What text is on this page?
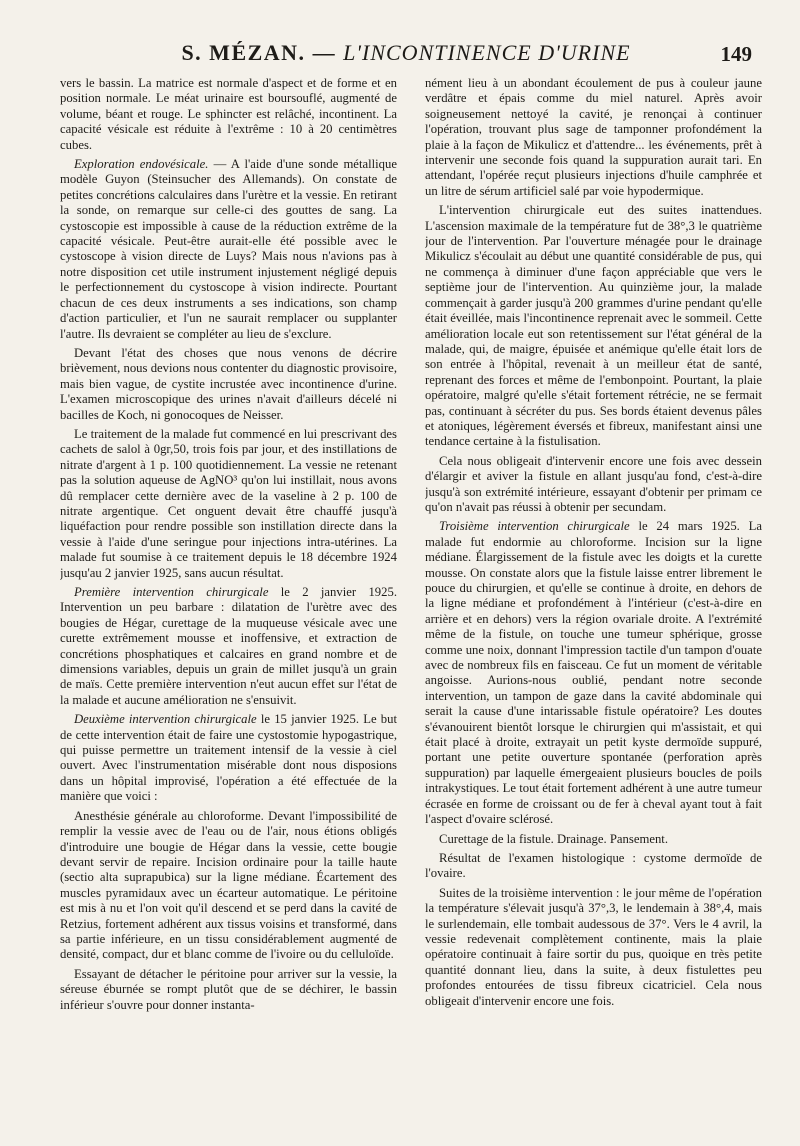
S. MÉZAN. — L'INCONTINENCE D'URINE	149

vers le bassin. La matrice est normale d'aspect et de forme et en position normale. Le méat urinaire est boursouflé, augmenté de volume, béant et rouge. Le sphincter est relâché, incontinent. La capacité vésicale est réduite à l'extrême : 10 à 20 centimètres cubes.

Exploration endovésicale. — A l'aide d'une sonde métallique modèle Guyon (Steinsucher des Allemands). On constate de petites concrétions calculaires dans l'urètre et la vessie. En retirant la sonde, on remarque sur celle-ci des gouttes de sang. La cystoscopie est impossible à cause de la réduction extrême de la capacité vésicale. Peut-être aurait-elle été possible avec le cystoscope à vision directe de Luys? Mais nous n'avions pas à notre disposition cet utile instrument injustement négligé depuis le perfectionnement du cystoscope à vision indirecte. Pourtant chacun de ces deux instruments a ses indications, son champ d'action particulier, et l'un ne saurait remplacer ou supplanter l'autre. Ils devraient se compléter au lieu de s'exclure.

Devant l'état des choses que nous venons de décrire brièvement, nous devions nous contenter du diagnostic provisoire, mais bien vague, de cystite incrustée avec incontinence d'urine. L'examen microscopique des urines n'avait d'ailleurs décelé ni bacilles de Koch, ni gonocoques de Neisser.

Le traitement de la malade fut commencé en lui prescrivant des cachets de salol à 0gr,50, trois fois par jour, et des instillations de nitrate d'argent à 1 p. 100 quotidiennement. La vessie ne retenant pas la solution aqueuse de AgNO³ qu'on lui instillait, nous avons dû remplacer cette dernière avec de la vaseline à 2 p. 100 de nitrate argentique. Cet onguent devait être chauffé jusqu'à liquéfaction pour rendre possible son instillation directe dans la vessie à l'aide d'une seringue pour injections intra-utérines. La malade fut soumise à ce traitement depuis le 18 décembre 1924 jusqu'au 2 janvier 1925, sans aucun résultat.

Première intervention chirurgicale le 2 janvier 1925. Intervention un peu barbare : dilatation de l'urètre avec des bougies de Hégar, curettage de la muqueuse vésicale avec une curette extrêmement mousse et inoffensive, et extraction de concrétions phosphatiques et calcaires en grand nombre et de dimensions variables, depuis un grain de millet jusqu'à un grain de maïs. Cette première intervention n'eut aucun effet sur l'état de la malade et aucune amélioration ne s'ensuivit.

Deuxième intervention chirurgicale le 15 janvier 1925. Le but de cette intervention était de faire une cystostomie hypogastrique, qui puisse permettre un traitement intensif de la vessie à ciel ouvert. Avec l'instrumentation misérable dont nous disposions dans un hôpital improvisé, l'opération a été effectuée de la manière que voici :

Anesthésie générale au chloroforme. Devant l'impossibilité de remplir la vessie avec de l'eau ou de l'air, nous étions obligés d'introduire une bougie de Hégar dans la vessie, cette bougie devant servir de repaire. Incision ordinaire pour la taille haute (sectio alta suprapubica) sur la ligne médiane. Écartement des muscles pyramidaux avec un écarteur automatique. Le péritoine est mis à nu et l'on voit qu'il descend et se perd dans la cavité de Retzius, fortement adhérent aux tissus voisins et transformé, dans sa partie inférieure, en un tissu considérablement augmenté de densité, compact, dur et blanc comme de l'ivoire ou du celluloïde.

Essayant de détacher le péritoine pour arriver sur la vessie, la séreuse éburnée se rompt plutôt que de se déchirer, le bassin inférieur s'ouvre pour donner instanta-

nément lieu à un abondant écoulement de pus à couleur jaune verdâtre et épais comme du miel naturel. Après avoir soigneusement nettoyé la cavité, je renonçai à continuer l'opération, trouvant plus sage de tamponner profondément la plaie à la façon de Mikulicz et d'attendre... les événements, prêt à intervenir une seconde fois quand la suppuration aurait tari. En attendant, l'opérée reçut plusieurs injections d'huile camphrée et un litre de sérum artificiel salé par voie hypodermique.

L'intervention chirurgicale eut des suites inattendues. L'ascension maximale de la température fut de 38°,3 le quatrième jour de l'intervention. Par l'ouverture ménagée pour le drainage Mikulicz s'écoulait au début une quantité considérable de pus, qui ne commença à diminuer d'une façon appréciable que vers le septième jour de l'intervention. Au quinzième jour, la malade commençait à garder jusqu'à 200 grammes d'urine pendant qu'elle était éveillée, mais l'incontinence reprenait avec le sommeil. Cette amélioration locale eut son retentissement sur l'état général de la malade, qui, de maigre, épuisée et anémique qu'elle était lors de son entrée à l'hôpital, revenait à un meilleur état de santé, reprenant des forces et même de l'embonpoint. Pourtant, la plaie opératoire, malgré qu'elle s'était fortement rétrécie, ne se fermait pas, continuant à sécréter du pus. Ses bords étaient devenus pâles et atoniques, légèrement éversés et fibreux, manifestant ainsi une tendance certaine à la fistulisation.

Cela nous obligeait d'intervenir encore une fois avec dessein d'élargir et aviver la fistule en allant jusqu'au fond, c'est-à-dire jusqu'à son extrémité intérieure, essayant d'obtenir per primam ce qu'on n'avait pas réussi à obtenir per secundam.

Troisième intervention chirurgicale le 24 mars 1925. La malade fut endormie au chloroforme. Incision sur la ligne médiane. Élargissement de la fistule avec les doigts et la curette mousse. On constate alors que la fistule laisse entrer librement le pouce du chirurgien, et qu'elle se continue à droite, en dehors de la ligne médiane et profondément à l'intérieur (c'est-à-dire en arrière et en dehors) vers la région ovariale droite. A l'extrémité même de la fistule, on touche une tumeur sphérique, grosse comme une noix, donnant l'impression tactile d'un tampon d'ouate avec de nombreux fils en faisceau. Ce fut un moment de véritable angoisse. Aurions-nous oublié, pendant notre seconde intervention, un tampon de gaze dans la cavité abdominale qui serait la cause d'une intarissable fistule opératoire? Les doutes s'évanouirent bientôt lorsque le chirurgien qui m'assistait, et qui était placé à droite, extrayait un petit kyste dermoïde suppuré, portant une petite ouverture spontanée (perforation après suppuration) par laquelle émergeaient plusieurs boucles de poils intrakystiques. Le tout était fortement adhérent à une autre tumeur écrasée en forme de croissant ou de fer à cheval ayant tout à fait l'aspect d'ovaire sclérosé.

Curettage de la fistule. Drainage. Pansement.

Résultat de l'examen histologique : cystome dermoïde de l'ovaire.

Suites de la troisième intervention : le jour même de l'opération la température s'élevait jusqu'à 37°,3, le lendemain à 38°,4, mais le surlendemain, elle tombait audessous de 37°. Vers le 4 avril, la vessie redevenait complètement continente, mais la plaie opératoire continuait à faire sortir du pus, quoique en très petite quantité donnant lieu, dans la suite, à deux fistulettes peu profondes entourées de tissu fibreux cicatriciel. Cela nous obligeait d'intervenir encore une fois.
